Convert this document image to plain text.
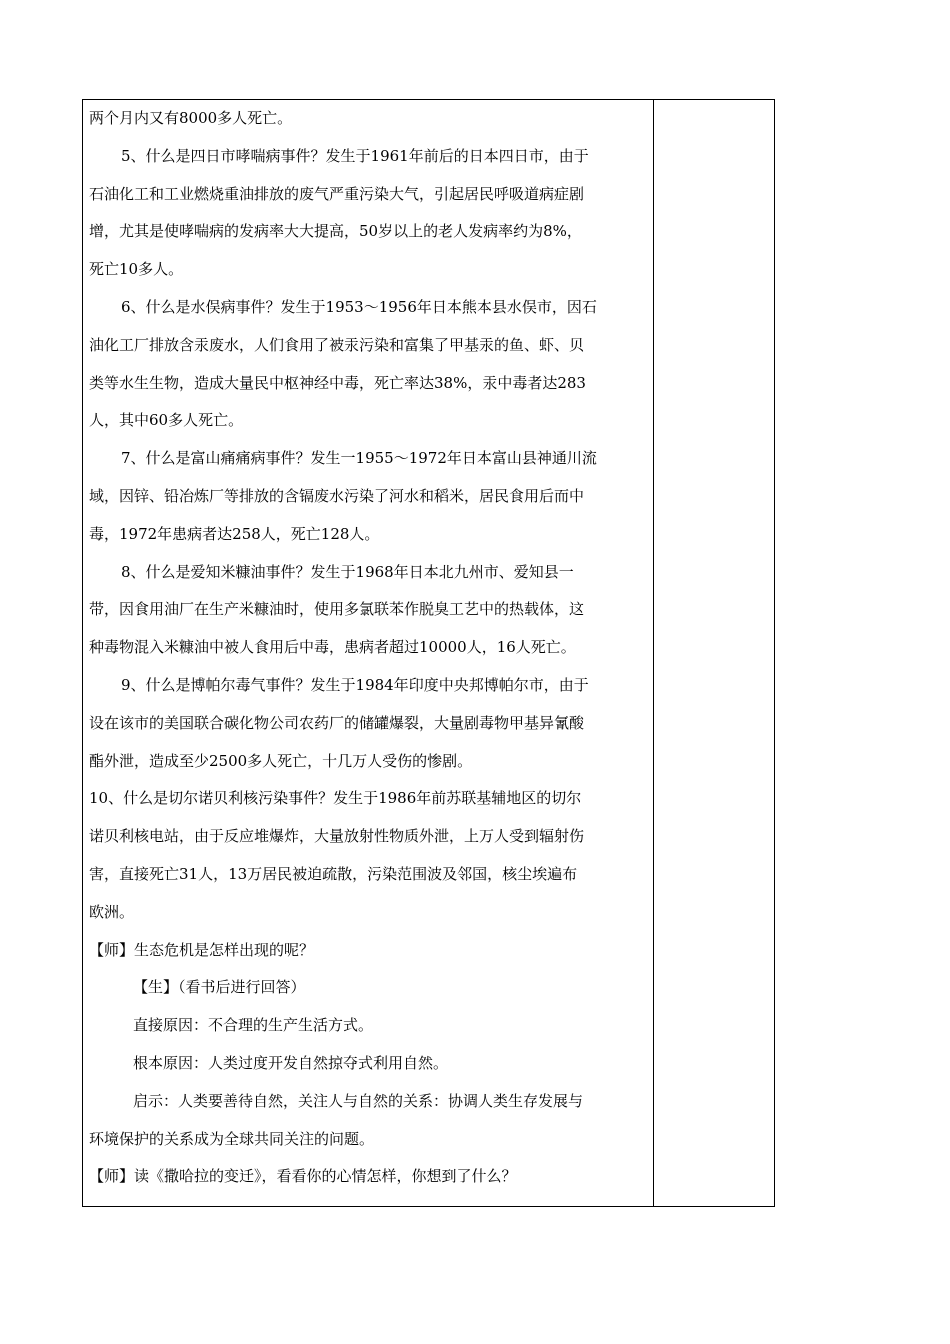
两个月内又有8000多人死亡。
5、什么是四日市哮喘病事件？发生于1961年前后的日本四日市，由于
石油化工和工业燃烧重油排放的废气严重污染大气，引起居民呼吸道病症剧
增，尤其是使哮喘病的发病率大大提高，50岁以上的老人发病率约为8%，
死亡10多人。
6、什么是水俣病事件？发生于1953～1956年日本熊本县水俣市，因石
油化工厂排放含汞废水，人们食用了被汞污染和富集了甲基汞的鱼、虾、贝
类等水生生物，造成大量民中枢神经中毒，死亡率达38%，汞中毒者达283
人，其中60多人死亡。
7、什么是富山痛痛病事件？发生一1955～1972年日本富山县神通川流
域，因锌、铅冶炼厂等排放的含镉废水污染了河水和稻米，居民食用后而中
毒，1972年患病者达258人，死亡128人。
8、什么是爱知米糠油事件？发生于1968年日本北九州市、爱知县一
带，因食用油厂在生产米糠油时，使用多氯联苯作脱臭工艺中的热载体，这
种毒物混入米糠油中被人食用后中毒，患病者超过10000人，16人死亡。
9、什么是博帕尔毒气事件？发生于1984年印度中央邦博帕尔市，由于
设在该市的美国联合碳化物公司农药厂的储罐爆裂，大量剧毒物甲基异氰酸
酯外泄，造成至少2500多人死亡，十几万人受伤的惨剧。
10、什么是切尔诺贝利核污染事件？发生于1986年前苏联基辅地区的切尔
诺贝利核电站，由于反应堆爆炸，大量放射性物质外泄，上万人受到辐射伤
害，直接死亡31人，13万居民被迫疏散，污染范围波及邻国，核尘埃遍布
欧洲。
【师】生态危机是怎样出现的呢？
【生】（看书后进行回答）
直接原因：不合理的生产生活方式。
根本原因：人类过度开发自然掠夺式利用自然。
启示：人类要善待自然，关注人与自然的关系：协调人类生存发展与
环境保护的关系成为全球共同关注的问题。
【师】读《撒哈拉的变迁》，看看你的心情怎样，你想到了什么？
